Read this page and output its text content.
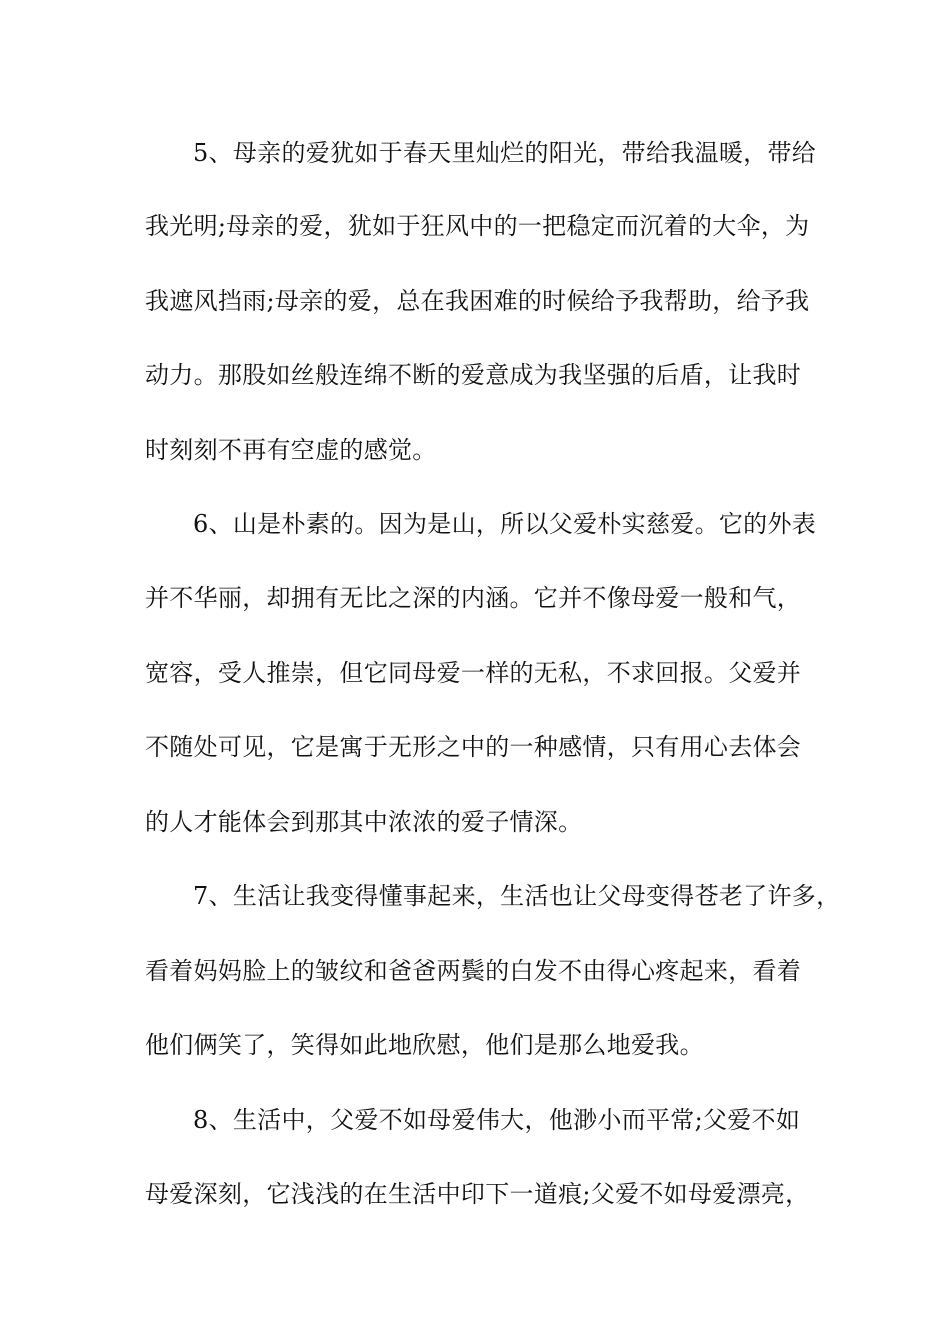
5、母亲的爱犹如于春天里灿烂的阳光，带给我温暖，带给
我光明;母亲的爱，犹如于狂风中的一把稳定而沉着的大伞，为
我遮风挡雨;母亲的爱，总在我困难的时候给予我帮助，给予我
动力。那股如丝般连绵不断的爱意成为我坚强的后盾，让我时
时刻刻不再有空虚的感觉。
6、山是朴素的。因为是山，所以父爱朴实慈爱。它的外表
并不华丽，却拥有无比之深的内涵。它并不像母爱一般和气，
宽容，受人推崇，但它同母爱一样的无私，不求回报。父爱并
不随处可见，它是寓于无形之中的一种感情，只有用心去体会
的人才能体会到那其中浓浓的爱子情深。
7、生活让我变得懂事起来，生活也让父母变得苍老了许多，
看着妈妈脸上的皱纹和爸爸两鬓的白发不由得心疼起来，看着
他们俩笑了，笑得如此地欣慰，他们是那么地爱我。
8、生活中，父爱不如母爱伟大，他渺小而平常;父爱不如
母爱深刻，它浅浅的在生活中印下一道痕;父爱不如母爱漂亮，
